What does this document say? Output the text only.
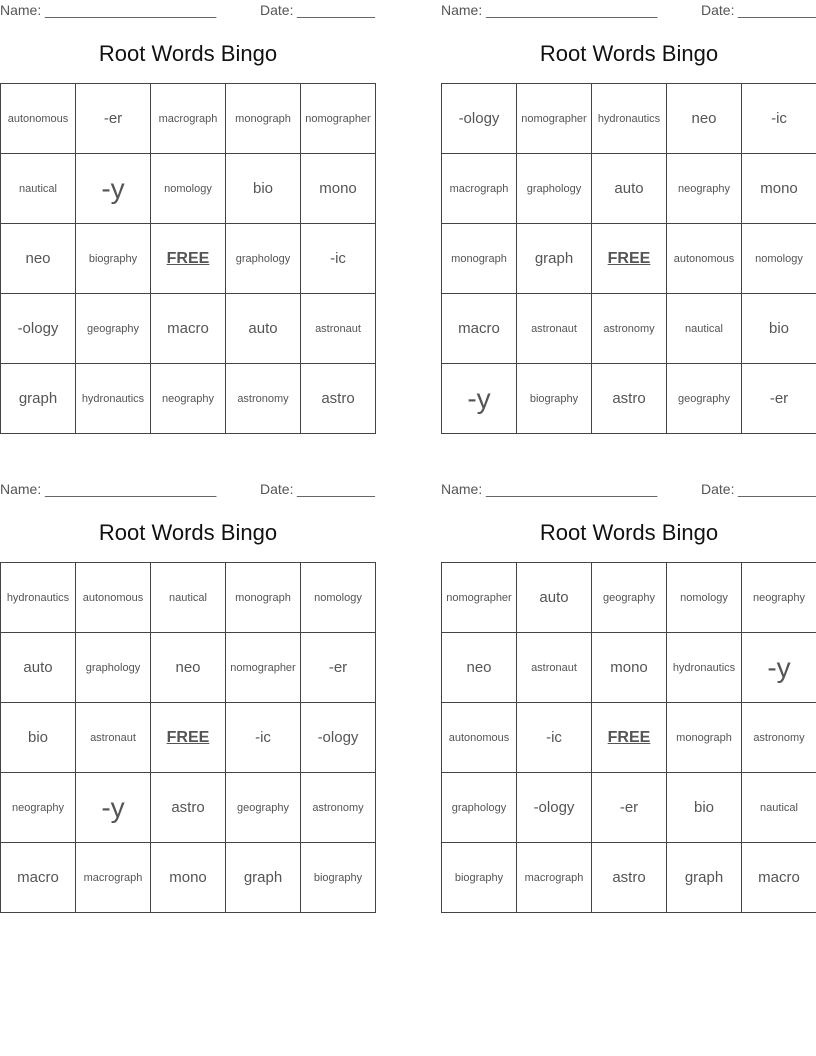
Name: ______________________	Date: __________
Root Words Bingo
autonomous	-er	macrograph	monograph	nomographer
nautical	-y	nomology	bio	mono
neo	biography	FREE	graphology	-ic
-ology	geography	macro	auto	astronaut
graph	hydronautics	neography	astronomy	astro
Name: ______________________	Date: __________
Root Words Bingo
-ology	nomographer	hydronautics	neo	-ic
macrograph	graphology	auto	neography	mono
monograph	graph	FREE	autonomous	nomology
macro	astronaut	astronomy	nautical	bio
-y	biography	astro	geography	-er
Name: ______________________	Date: __________
Root Words Bingo
hydronautics	autonomous	nautical	monograph	nomology
auto	graphology	neo	nomographer	-er
bio	astronaut	FREE	-ic	-ology
neography	-y	astro	geography	astronomy
macro	macrograph	mono	graph	biography
Name: ______________________	Date: __________
Root Words Bingo
nomographer	auto	geography	nomology	neography
neo	astronaut	mono	hydronautics	-y
autonomous	-ic	FREE	monograph	astronomy
graphology	-ology	-er	bio	nautical
biography	macrograph	astro	graph	macro
